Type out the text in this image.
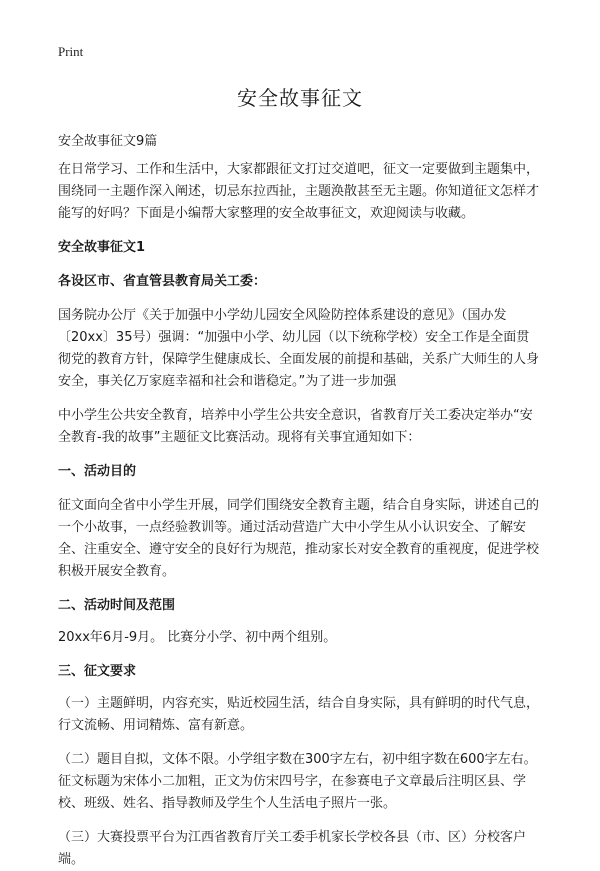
Print
安全故事征文

安全故事征文9篇

在日常学习、工作和生活中，大家都跟征文打过交道吧，征文一定要做到主题集中，围绕同一主题作深入阐述，切忌东拉西扯，主题涣散甚至无主题。你知道征文怎样才能写的好吗？下面是小编帮大家整理的安全故事征文，欢迎阅读与收藏。

安全故事征文1

各设区市、省直管县教育局关工委：

国务院办公厅《关于加强中小学幼儿园安全风险防控体系建设的意见》（国办发〔20xx〕35号）强调：“加强中小学、幼儿园（以下统称学校）安全工作是全面贯彻党的教育方针，保障学生健康成长、全面发展的前提和基础，关系广大师生的人身安全，事关亿万家庭幸福和社会和谐稳定。”为了进一步加强

中小学生公共安全教育，培养中小学生公共安全意识，省教育厅关工委决定举办“安全教育-我的故事”主题征文比赛活动。现将有关事宜通知如下：

一、活动目的

征文面向全省中小学生开展，同学们围绕安全教育主题，结合自身实际，讲述自己的一个小故事，一点经验教训等。通过活动营造广大中小学生从小认识安全、了解安全、注重安全、遵守安全的良好行为规范，推动家长对安全教育的重视度，促进学校积极开展安全教育。

二、活动时间及范围

20xx年6月-9月。 比赛分小学、初中两个组别。

三、征文要求

（一）主题鲜明，内容充实，贴近校园生活，结合自身实际，具有鲜明的时代气息，行文流畅、用词精炼、富有新意。

（二）题目自拟，文体不限。小学组字数在300字左右，初中组字数在600字左右。征文标题为宋体小二加粗，正文为仿宋四号字，在参赛电子文章最后注明区县、学校、班级、姓名、指导教师及学生个人生活电子照片一张。

（三）大赛投票平台为江西省教育厅关工委手机家长学校各县（市、区）分校客户端。
